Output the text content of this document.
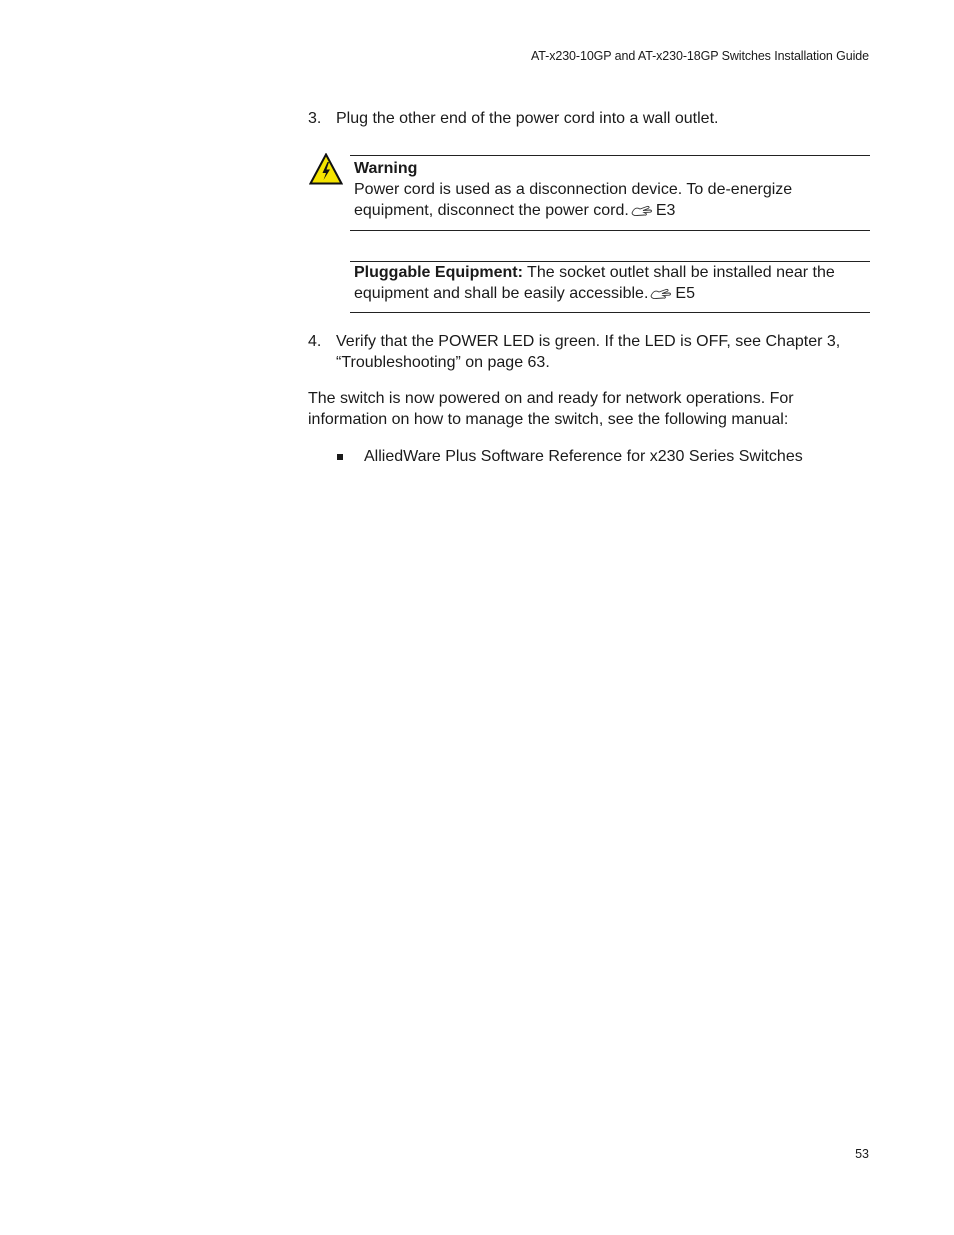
AT-x230-10GP and AT-x230-18GP Switches Installation Guide
3. Plug the other end of the power cord into a wall outlet.
Warning
Power cord is used as a disconnection device. To de-energize equipment, disconnect the power cord. E3
Pluggable Equipment: The socket outlet shall be installed near the equipment and shall be easily accessible. E5
4. Verify that the POWER LED is green. If the LED is OFF, see Chapter 3, “Troubleshooting” on page 63.
The switch is now powered on and ready for network operations. For information on how to manage the switch, see the following manual:
AlliedWare Plus Software Reference for x230 Series Switches
53
